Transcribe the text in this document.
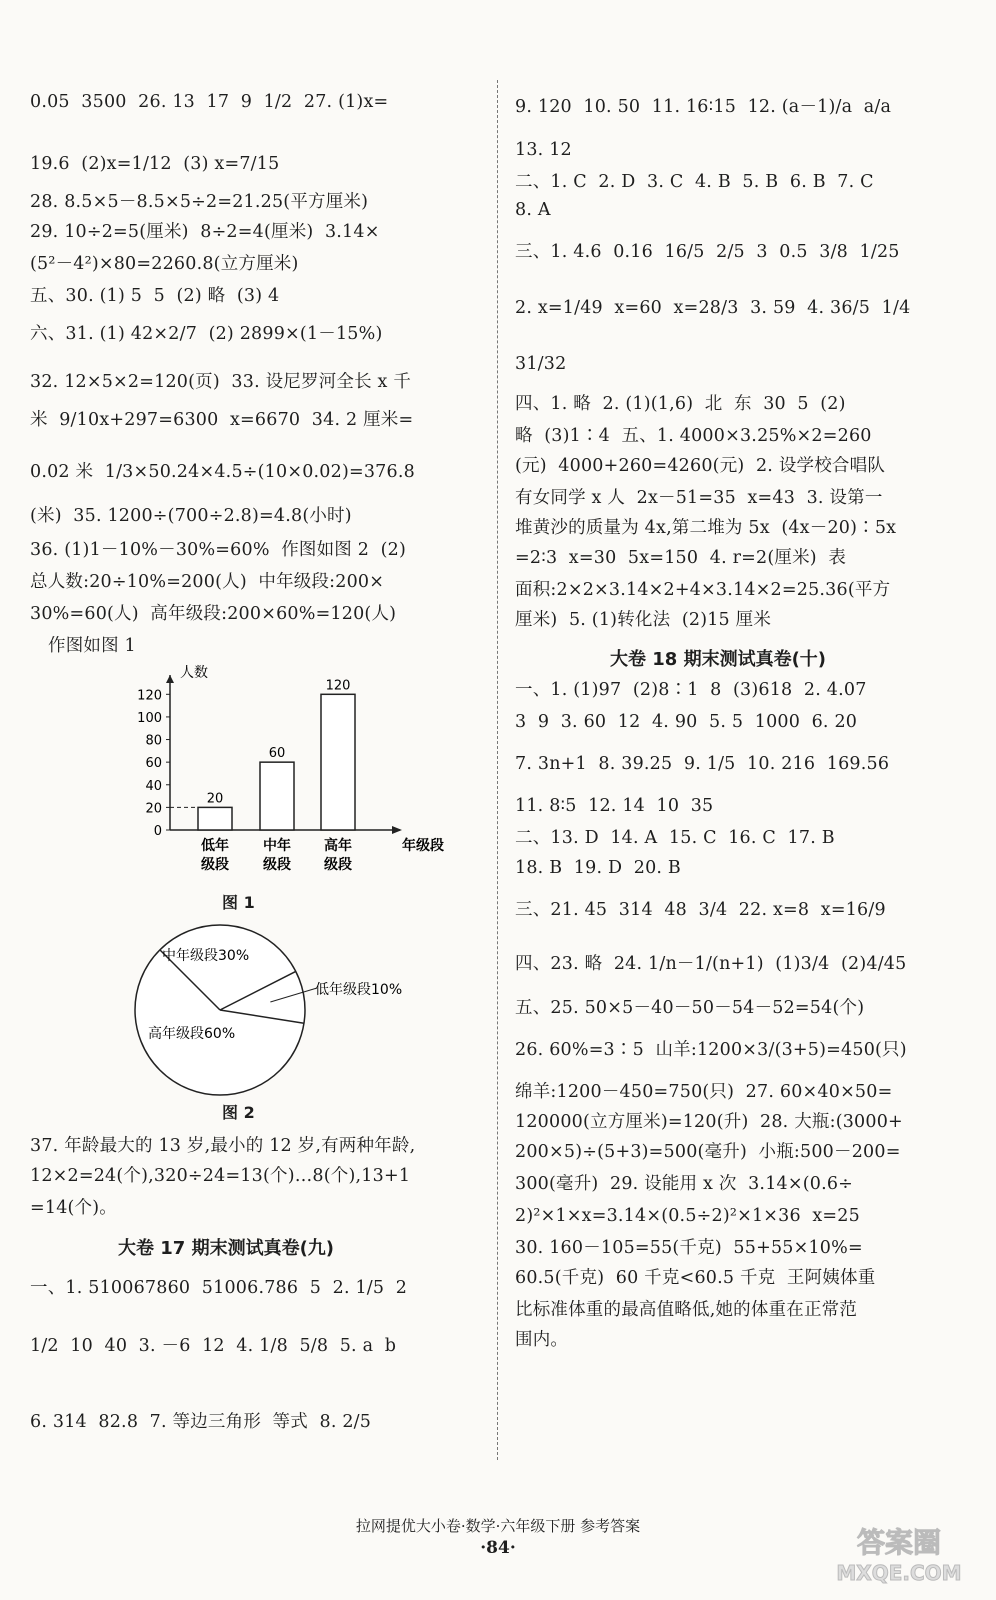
0.05  3500  26. 13  17  9  1/2  27. (1)x=
19.6  (2)x=1/12  (3) x=7/15
28. 8.5×5－8.5×5÷2=21.25(平方厘米)
29. 10÷2=5(厘米)  8÷2=4(厘米)  3.14×
(5²－4²)×80=2260.8(立方厘米)
五、30. (1) 5  5  (2) 略  (3) 4
六、31. (1) 42×2/7  (2) 2899×(1－15%)
32. 12×5×2=120(页)  33. 设尼罗河全长 x 千
米  9/10x+297=6300  x=6670  34. 2 厘米=
0.02 米  1/3×50.24×4.5÷(10×0.02)=376.8
(米)  35. 1200÷(700÷2.8)=4.8(小时)
36. (1)1－10%－30%=60%  作图如图 2  (2)
总人数:20÷10%=200(人)  中年级段:200×
30%=60(人)  高年级段:200×60%=120(人)
作图如图 1
人数
年级段
0
20
40
60
80
100
120
20
低年
级段
60
中年
级段
120
高年
级段
图 1
中年级段30%
高年级段60%
低年级段10%
图 2
37. 年龄最大的 13 岁,最小的 12 岁,有两种年龄,
12×2=24(个),320÷24=13(个)…8(个),13+1
=14(个)。
大卷 17 期末测试真卷(九)
一、1. 510067860  51006.786  5  2. 1/5  2
1/2  10  40  3. －6  12  4. 1/8  5/8  5. a  b
6. 314  82.8  7. 等边三角形  等式  8. 2/5
9. 120  10. 50  11. 16∶15  12. (a－1)/a  a/a
13. 12
二、1. C  2. D  3. C  4. B  5. B  6. B  7. C
8. A
三、1. 4.6  0.16  16/5  2/5  3  0.5  3/8  1/25
2. x=1/49  x=60  x=28/3  3. 59  4. 36/5  1/4
31/32
四、1. 略  2. (1)(1,6)  北  东  30  5  (2)
略  (3)1∶4  五、1. 4000×3.25%×2=260
(元)  4000+260=4260(元)  2. 设学校合唱队
有女同学 x 人  2x－51=35  x=43  3. 设第一
堆黄沙的质量为 4x,第二堆为 5x  (4x－20)∶5x
=2∶3  x=30  5x=150  4. r=2(厘米)  表
面积:2×2×3.14×2+4×3.14×2=25.36(平方
厘米)  5. (1)转化法  (2)15 厘米
大卷 18 期末测试真卷(十)
一、1. (1)97  (2)8∶1  8  (3)618  2. 4.07
3  9  3. 60  12  4. 90  5. 5  1000  6. 20
7. 3n+1  8. 39.25  9. 1/5  10. 216  169.56
11. 8∶5  12. 14  10  35
二、13. D  14. A  15. C  16. C  17. B
18. B  19. D  20. B
三、21. 45  314  48  3/4  22. x=8  x=16/9
四、23. 略  24. 1/n－1/(n+1)  (1)3/4  (2)4/45
五、25. 50×5－40－50－54－52=54(个)
26. 60%=3∶5  山羊:1200×3/(3+5)=450(只)
绵羊:1200－450=750(只)  27. 60×40×50=
120000(立方厘米)=120(升)  28. 大瓶:(3000+
200×5)÷(5+3)=500(毫升)  小瓶:500－200=
300(毫升)  29. 设能用 x 次  3.14×(0.6÷
2)²×1×x=3.14×(0.5÷2)²×1×36  x=25
30. 160－105=55(千克)  55+55×10%=
60.5(千克)  60 千克<60.5 千克  王阿姨体重
比标准体重的最高值略低,她的体重在正常范
围内。
拉网提优大小卷·数学·六年级下册 参考答案
·84·	答案圈
MXQE.COM
